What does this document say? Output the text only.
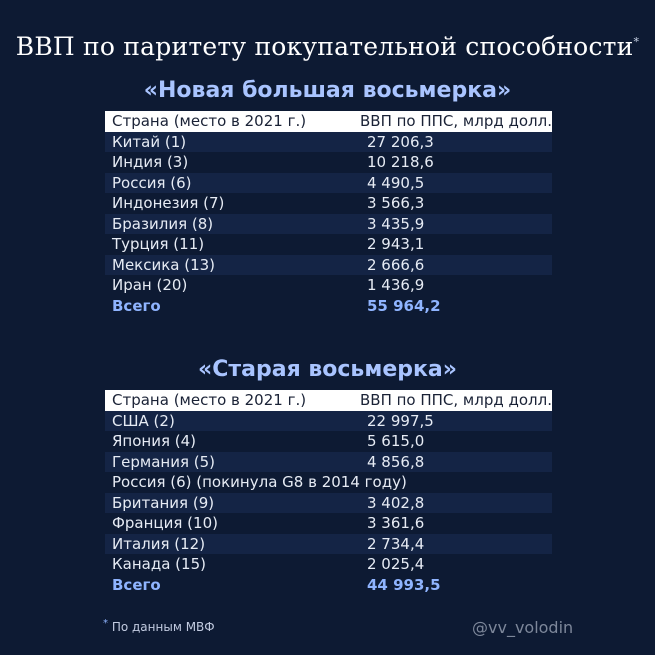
ВВП по паритету покупательной способности*
«Новая большая восьмерка»
Страна (место в 2021 г.)	ВВП по ППС, млрд долл.
Китай (1)	27 206,3
Индия (3)	10 218,6
Россия (6)	4 490,5
Индонезия (7)	3 566,3
Бразилия (8)	3 435,9
Турция (11)	2 943,1
Мексика (13)	2 666,6
Иран (20)	1 436,9
Всего	55 964,2
«Старая восьмерка»
Страна (место в 2021 г.)	ВВП по ППС, млрд долл.
США (2)	22 997,5
Япония (4)	5 615,0
Германия (5)	4 856,8
Россия (6) (покинула G8 в 2014 году)
Британия (9)	3 402,8
Франция (10)	3 361,6
Италия (12)	2 734,4
Канада (15)	2 025,4
Всего	44 993,5
* По данным МВФ	@vv_volodin
